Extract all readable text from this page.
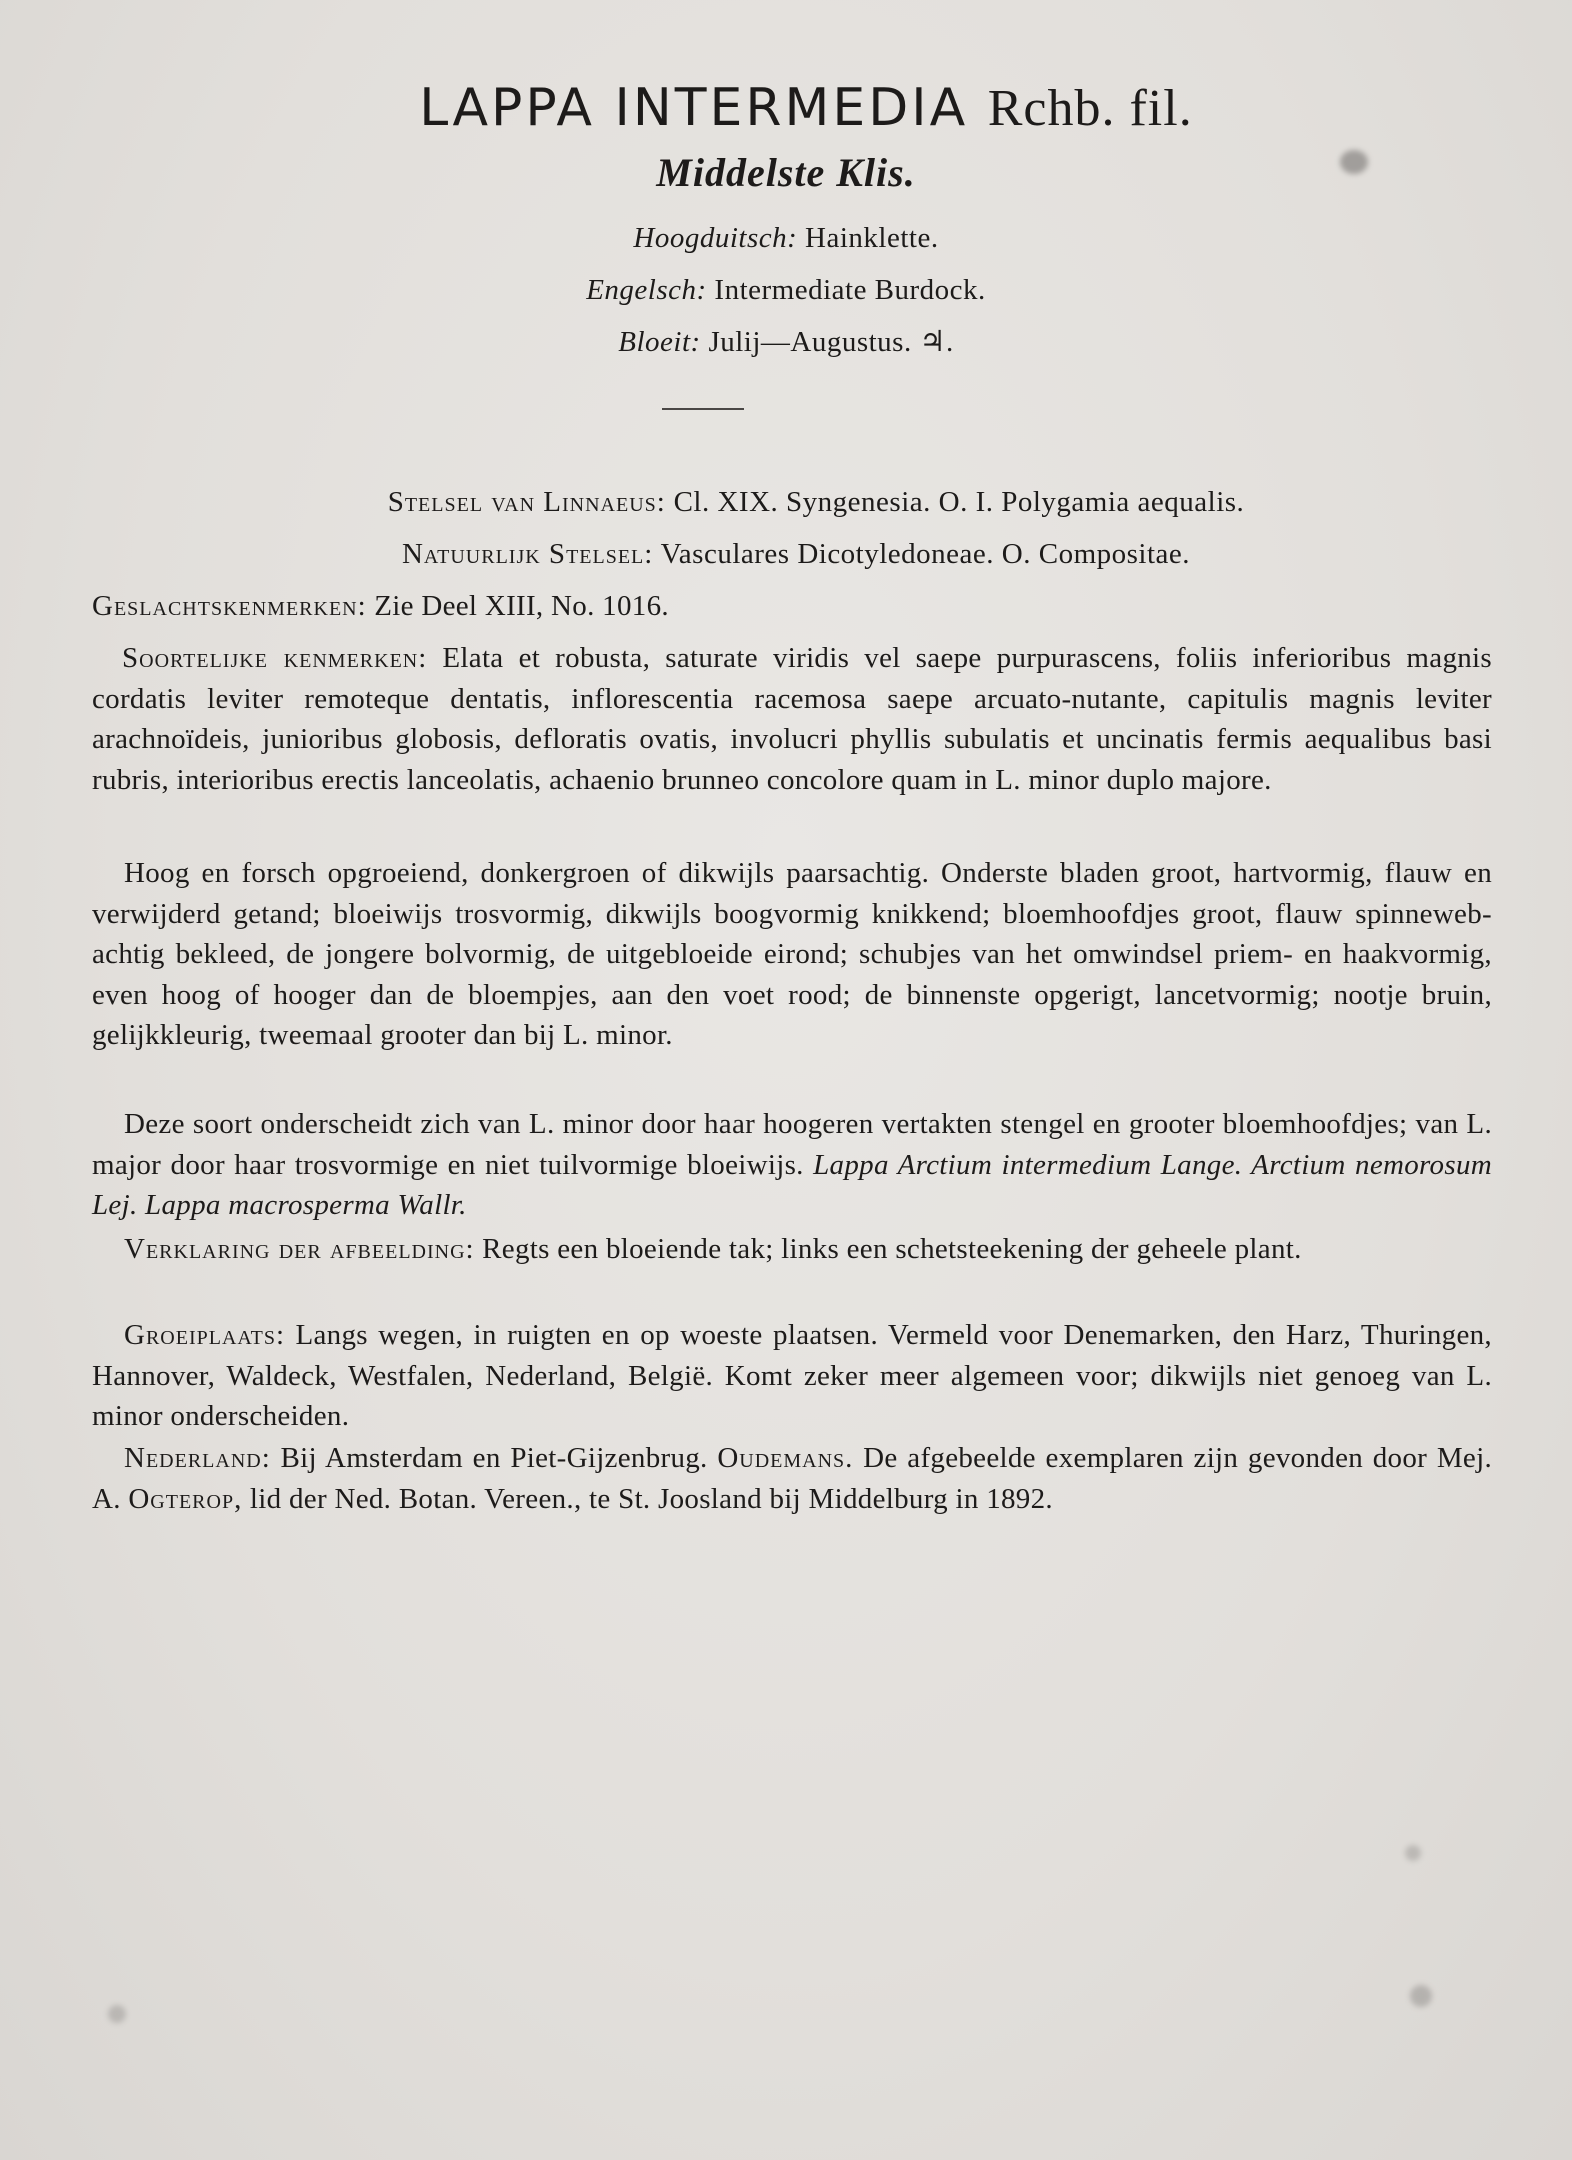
LAPPA INTERMEDIA Rchb. fil.
Middelste Klis.
Hoogduitsch: Hainklette.
Engelsch: Intermediate Burdock.
Bloeit: Julij—Augustus. ♃.
Stelsel van Linnaeus: Cl. XIX. Syngenesia. O. I. Polygamia aequalis.
Natuurlijk Stelsel: Vasculares Dicotyledoneae. O. Compositae.
Geslachtskenmerken: Zie Deel XIII, No. 1016.
Soortelijke kenmerken: Elata et robusta, saturate viridis vel saepe purpurascens, foliis inferioribus magnis cordatis leviter remoteque dentatis, inflorescentia racemosa saepe arcuato-nutante, capitulis magnis leviter arachnoïdeis, junioribus globosis, defloratis ovatis, involucri phyllis subulatis et uncinatis fermis aequalibus basi rubris, interioribus erectis lanceolatis, achaenio brunneo concolore quam in L. minor duplo majore.
Hoog en forsch opgroeiend, donkergroen of dikwijls paarsachtig. Onderste bladen groot, hartvormig, flauw en verwijderd getand; bloeiwijs trosvormig, dikwijls boogvormig knikkend; bloemhoofdjes groot, flauw spinneweb-achtig bekleed, de jongere bolvormig, de uitgebloeide eirond; schubjes van het omwindsel priem- en haakvormig, even hoog of hooger dan de bloempjes, aan den voet rood; de binnenste opgerigt, lancetvormig; nootje bruin, gelijkkleurig, tweemaal grooter dan bij L. minor.
Deze soort onderscheidt zich van L. minor door haar hoogeren vertakten stengel en grooter bloemhoofdjes; van L. major door haar trosvormige en niet tuilvormige bloeiwijs. Lappa Arctium intermedium Lange. Arctium nemorosum Lej. Lappa macrosperma Wallr.
Verklaring der afbeelding: Regts een bloeiende tak; links een schetsteekening der geheele plant.
Groeiplaats: Langs wegen, in ruigten en op woeste plaatsen. Vermeld voor Denemarken, den Harz, Thuringen, Hannover, Waldeck, Westfalen, Nederland, België. Komt zeker meer algemeen voor; dikwijls niet genoeg van L. minor onderscheiden.
Nederland: Bij Amsterdam en Piet-Gijzenbrug. Oudemans. De afgebeelde exemplaren zijn gevonden door Mej. A. Ogterop, lid der Ned. Botan. Vereen., te St. Joosland bij Middelburg in 1892.
